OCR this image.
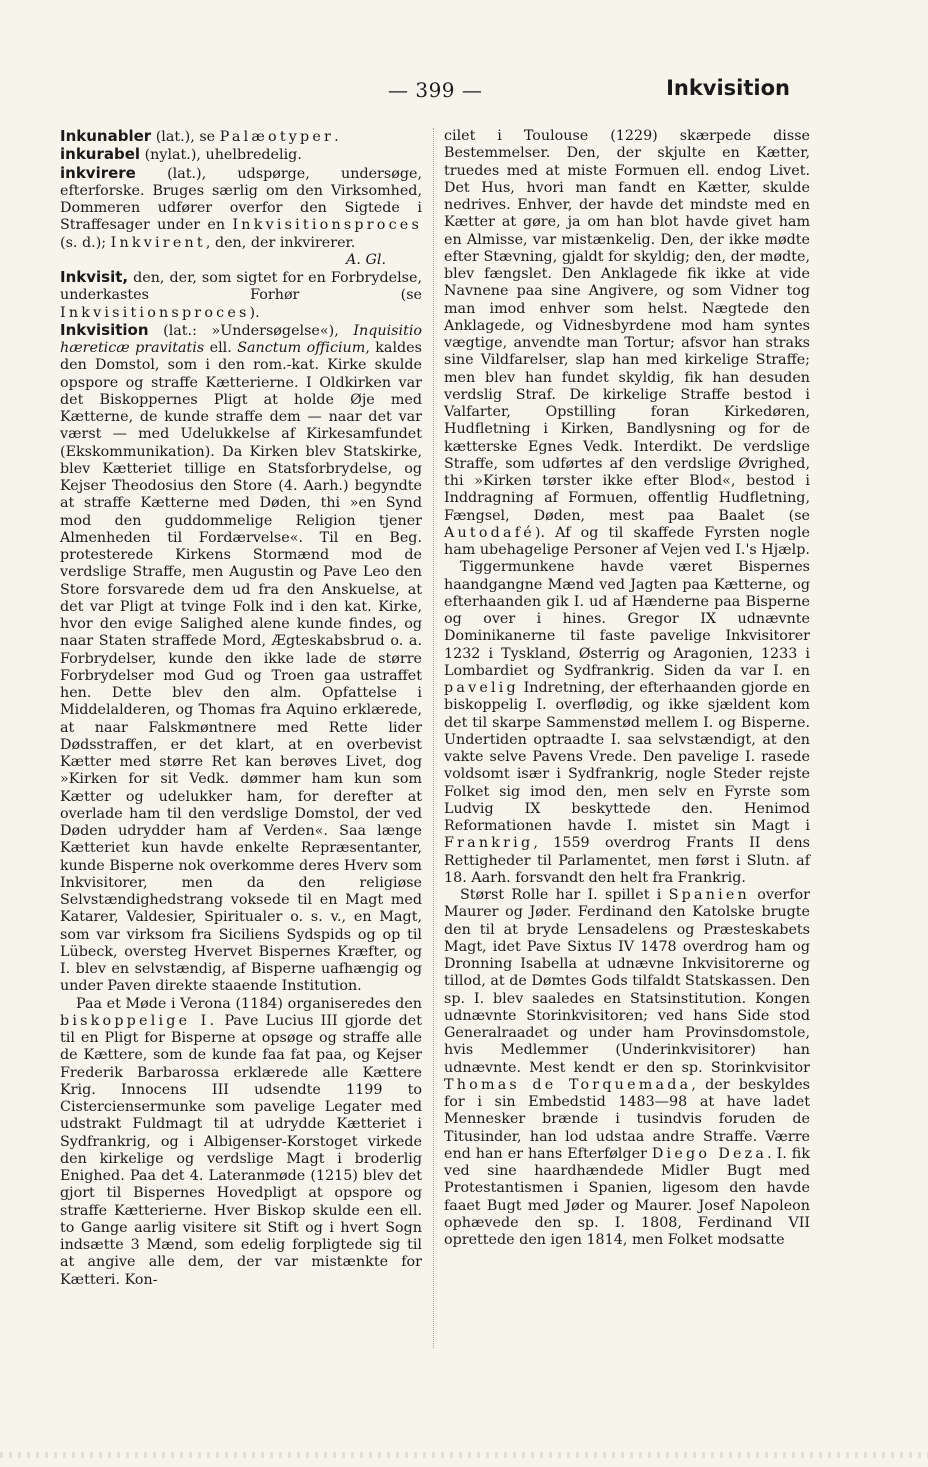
— 399 —	Inkvisition

Inkunabler (lat.), se Palæotyper.

inkurabel (nylat.), uhelbredelig.

inkvirere (lat.), udspørge, undersøge, efterforske. Bruges særlig om den Virksomhed, Dommeren udfører overfor den Sigtede i Straffesager under en Inkvisitionsproces (s. d.); Inkvirent, den, der inkvirerer.

A. Gl.

Inkvisit, den, der, som sigtet for en Forbrydelse, underkastes Forhør (se Inkvisitionsproces).

Inkvisition (lat.: »Undersøgelse«), Inquisitio hæreticæ pravitatis ell. Sanctum officium, kaldes den Domstol, som i den rom.-kat. Kirke skulde opspore og straffe Kætterierne. I Oldkirken var det Biskoppernes Pligt at holde Øje med Kætterne, de kunde straffe dem — naar det var værst — med Udelukkelse af Kirkesamfundet (Ekskommunikation). Da Kirken blev Statskirke, blev Kætteriet tillige en Statsforbrydelse, og Kejser Theodosius den Store (4. Aarh.) begyndte at straffe Kætterne med Døden, thi »en Synd mod den guddommelige Religion tjener Almenheden til Fordærvelse«. Til en Beg. protesterede Kirkens Stormænd mod de verdslige Straffe, men Augustin og Pave Leo den Store forsvarede dem ud fra den Anskuelse, at det var Pligt at tvinge Folk ind i den kat. Kirke, hvor den evige Salighed alene kunde findes, og naar Staten straffede Mord, Ægteskabsbrud o. a. Forbrydelser, kunde den ikke lade de større Forbrydelser mod Gud og Troen gaa ustraffet hen. Dette blev den alm. Opfattelse i Middelalderen, og Thomas fra Aquino erklærede, at naar Falskmøntnere med Rette lider Dødsstraffen, er det klart, at en overbevist Kætter med større Ret kan berøves Livet, dog »Kirken for sit Vedk. dømmer ham kun som Kætter og udelukker ham, for derefter at overlade ham til den verdslige Domstol, der ved Døden udrydder ham af Verden«. Saa længe Kætteriet kun havde enkelte Repræsentanter, kunde Bisperne nok overkomme deres Hverv som Inkvisitorer, men da den religiøse Selvstændighedstrang voksede til en Magt med Katarer, Valdesier, Spiritualer o. s. v., en Magt, som var virksom fra Siciliens Sydspids og op til Lübeck, oversteg Hvervet Bispernes Kræfter, og I. blev en selvstændig, af Bisperne uafhængig og under Paven direkte staaende Institution.

Paa et Møde i Verona (1184) organiseredes den biskoppelige I. Pave Lucius III gjorde det til en Pligt for Bisperne at opsøge og straffe alle de Kættere, som de kunde faa fat paa, og Kejser Frederik Barbarossa erklærede alle Kættere Krig. Innocens III udsendte 1199 to Cisterciensermunke som pavelige Legater med udstrakt Fuldmagt til at udrydde Kætteriet i Sydfrankrig, og i Albigenser-Korstoget virkede den kirkelige og verdslige Magt i broderlig Enighed. Paa det 4. Lateranmøde (1215) blev det gjort til Bispernes Hovedpligt at opspore og straffe Kætterierne. Hver Biskop skulde een ell. to Gange aarlig visitere sit Stift og i hvert Sogn indsætte 3 Mænd, som edelig forpligtede sig til at angive alle dem, der var mistænkte for Kætteri. Kon-

cilet i Toulouse (1229) skærpede disse Bestemmelser. Den, der skjulte en Kætter, truedes med at miste Formuen ell. endog Livet. Det Hus, hvori man fandt en Kætter, skulde nedrives. Enhver, der havde det mindste med en Kætter at gøre, ja om han blot havde givet ham en Almisse, var mistænkelig. Den, der ikke mødte efter Stævning, gjaldt for skyldig; den, der mødte, blev fængslet. Den Anklagede fik ikke at vide Navnene paa sine Angivere, og som Vidner tog man imod enhver som helst. Nægtede den Anklagede, og Vidnesbyrdene mod ham syntes vægtige, anvendte man Tortur; afsvor han straks sine Vildfarelser, slap han med kirkelige Straffe; men blev han fundet skyldig, fik han desuden verdslig Straf. De kirkelige Straffe bestod i Valfarter, Opstilling foran Kirkedøren, Hudfletning i Kirken, Bandlysning og for de kætterske Egnes Vedk. Interdikt. De verdslige Straffe, som udførtes af den verdslige Øvrighed, thi »Kirken tørster ikke efter Blod«, bestod i Inddragning af Formuen, offentlig Hudfletning, Fængsel, Døden, mest paa Baalet (se Autodafé). Af og til skaffede Fyrsten nogle ham ubehagelige Personer af Vejen ved I.'s Hjælp.

Tiggermunkene havde været Bispernes haandgangne Mænd ved Jagten paa Kætterne, og efterhaanden gik I. ud af Hænderne paa Bisperne og over i hines. Gregor IX udnævnte Dominikanerne til faste pavelige Inkvisitorer 1232 i Tyskland, Østerrig og Aragonien, 1233 i Lombardiet og Sydfrankrig. Siden da var I. en pavelig Indretning, der efterhaanden gjorde en biskoppelig I. overflødig, og ikke sjældent kom det til skarpe Sammenstød mellem I. og Bisperne. Undertiden optraadte I. saa selvstændigt, at den vakte selve Pavens Vrede. Den pavelige I. rasede voldsomt især i Sydfrankrig, nogle Steder rejste Folket sig imod den, men selv en Fyrste som Ludvig IX beskyttede den. Henimod Reformationen havde I. mistet sin Magt i Frankrig, 1559 overdrog Frants II dens Rettigheder til Parlamentet, men først i Slutn. af 18. Aarh. forsvandt den helt fra Frankrig.

Størst Rolle har I. spillet i Spanien overfor Maurer og Jøder. Ferdinand den Katolske brugte den til at bryde Lensadelens og Præsteskabets Magt, idet Pave Sixtus IV 1478 overdrog ham og Dronning Isabella at udnævne Inkvisitorerne og tillod, at de Dømtes Gods tilfaldt Statskassen. Den sp. I. blev saaledes en Statsinstitution. Kongen udnævnte Storinkvisitoren; ved hans Side stod Generalraadet og under ham Provinsdomstole, hvis Medlemmer (Underinkvisitorer) han udnævnte. Mest kendt er den sp. Storinkvisitor Thomas de Torquemada, der beskyldes for i sin Embedstid 1483—98 at have ladet Mennesker brænde i tusindvis foruden de Titusinder, han lod udstaa andre Straffe. Værre end han er hans Efterfølger Diego Deza. I. fik ved sine haardhændede Midler Bugt med Protestantismen i Spanien, ligesom den havde faaet Bugt med Jøder og Maurer. Josef Napoleon ophævede den sp. I. 1808, Ferdinand VII oprettede den igen 1814, men Folket modsatte
